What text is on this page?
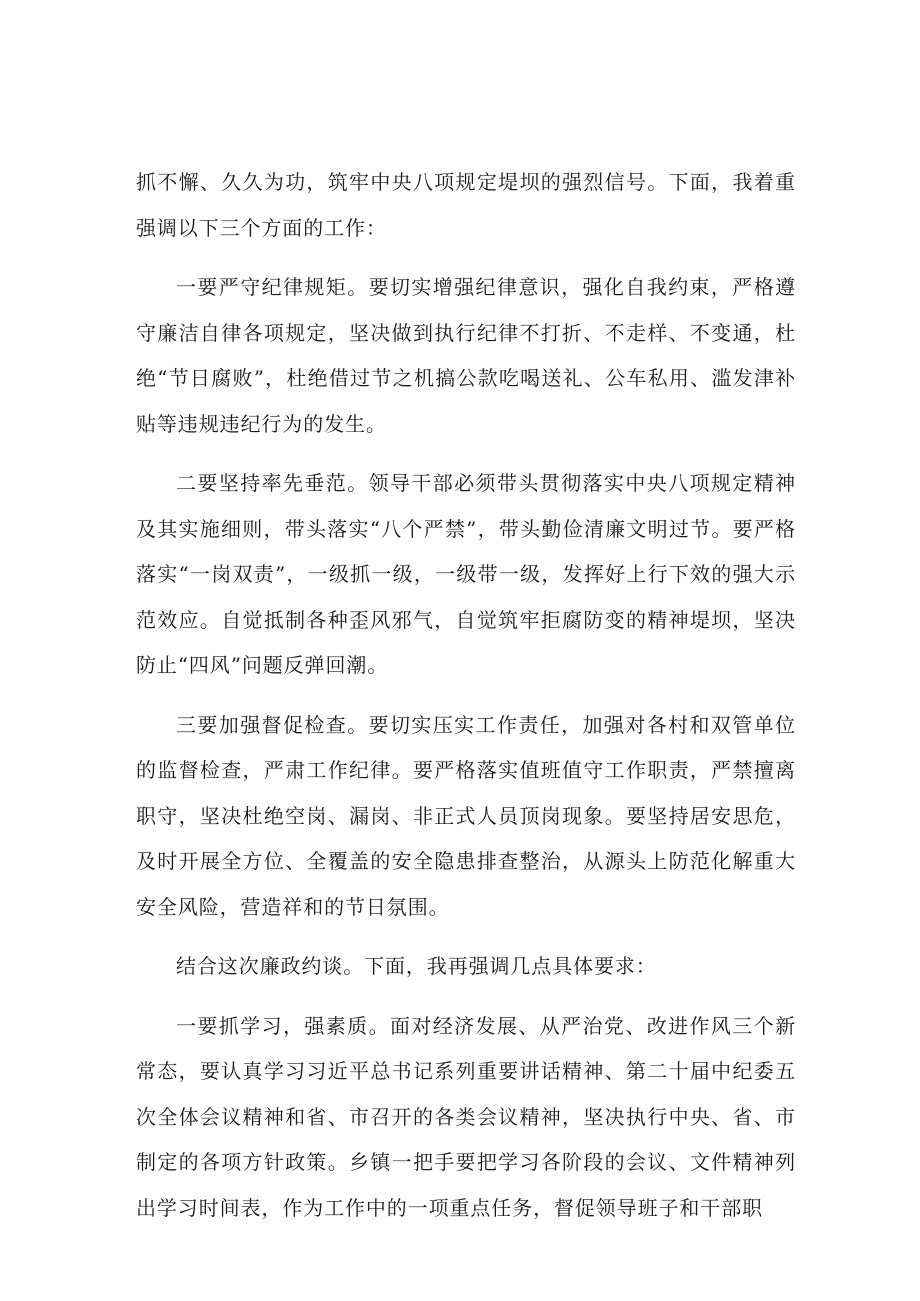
抓不懈、久久为功，筑牢中央八项规定堤坝的强烈信号。下面，我着重强调以下三个方面的工作：

一要严守纪律规矩。要切实增强纪律意识，强化自我约束，严格遵守廉洁自律各项规定，坚决做到执行纪律不打折、不走样、不变通，杜绝“节日腐败”，杜绝借过节之机搞公款吃喝送礼、公车私用、滥发津补贴等违规违纪行为的发生。

二要坚持率先垂范。领导干部必须带头贯彻落实中央八项规定精神及其实施细则，带头落实“八个严禁”，带头勤俭清廉文明过节。要严格落实“一岗双责”，一级抓一级，一级带一级，发挥好上行下效的强大示范效应。自觉抵制各种歪风邪气，自觉筑牢拒腐防变的精神堤坝，坚决防止“四风”问题反弹回潮。

三要加强督促检查。要切实压实工作责任，加强对各村和双管单位的监督检查，严肃工作纪律。要严格落实值班值守工作职责，严禁擅离职守，坚决杜绝空岗、漏岗、非正式人员顶岗现象。要坚持居安思危，及时开展全方位、全覆盖的安全隐患排查整治，从源头上防范化解重大安全风险，营造祥和的节日氛围。

结合这次廉政约谈。下面，我再强调几点具体要求：

一要抓学习，强素质。面对经济发展、从严治党、改进作风三个新常态，要认真学习习近平总书记系列重要讲话精神、第二十届中纪委五次全体会议精神和省、市召开的各类会议精神，坚决执行中央、省、市制定的各项方针政策。乡镇一把手要把学习各阶段的会议、文件精神列出学习时间表，作为工作中的一项重点任务，督促领导班子和干部职
